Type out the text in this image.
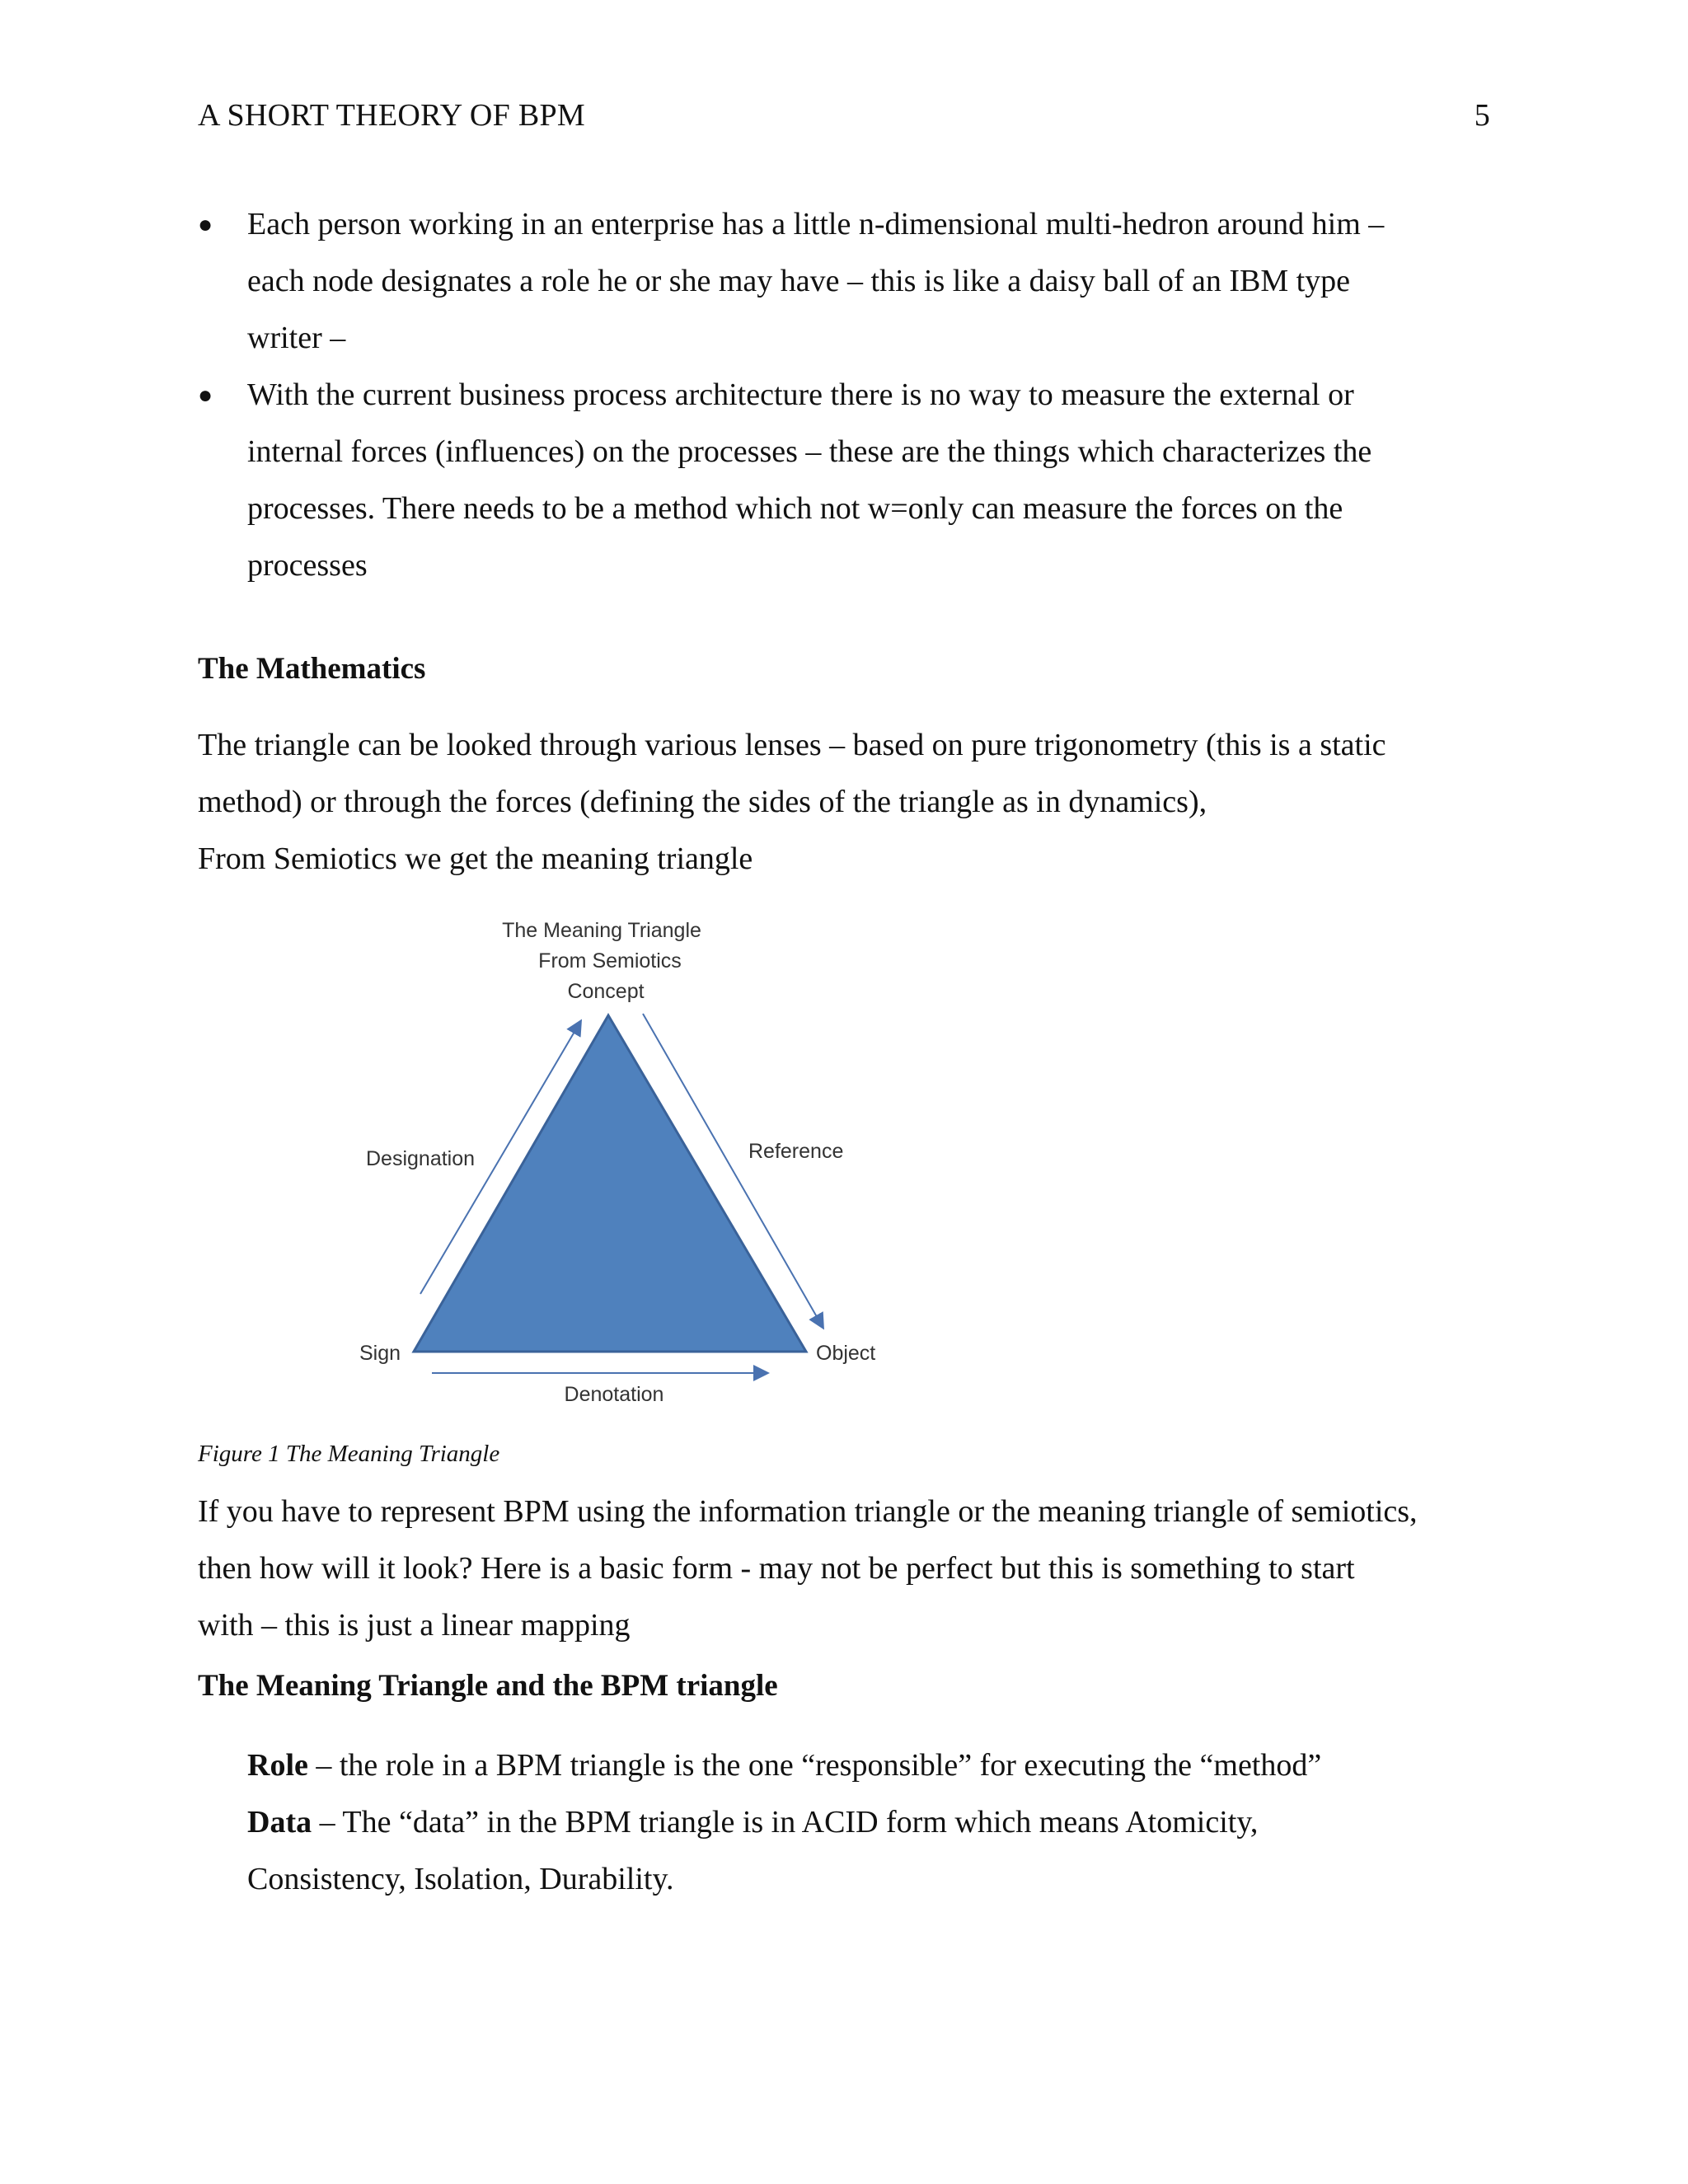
A SHORT THEORY OF BPM	5
● Each person working in an enterprise has a little n-dimensional multi-hedron around him –
each node designates a role he or she may have – this is like a daisy ball of an IBM type
writer –
● With the current business process architecture there is no way to measure the external or
internal forces (influences) on the processes – these are the things which characterizes the
processes. There needs to be a method which not w=only can measure the forces on the
processes
The Mathematics
The triangle can be looked through various lenses – based on pure trigonometry (this is a static
method) or through the forces (defining the sides of the triangle as in dynamics),
From Semiotics we get the meaning triangle
The Meaning Triangle
From Semiotics
Concept
Designation	Reference
Sign	Object
Denotation
Figure 1 The Meaning Triangle
If you have to represent BPM using the information triangle or the meaning triangle of semiotics,
then how will it look? Here is a basic form - may not be perfect but this is something to start
with – this is just a linear mapping
The Meaning Triangle and the BPM triangle
Role – the role in a BPM triangle is the one “responsible” for executing the “method”
Data – The “data” in the BPM triangle is in ACID form which means Atomicity,
Consistency, Isolation, Durability.
